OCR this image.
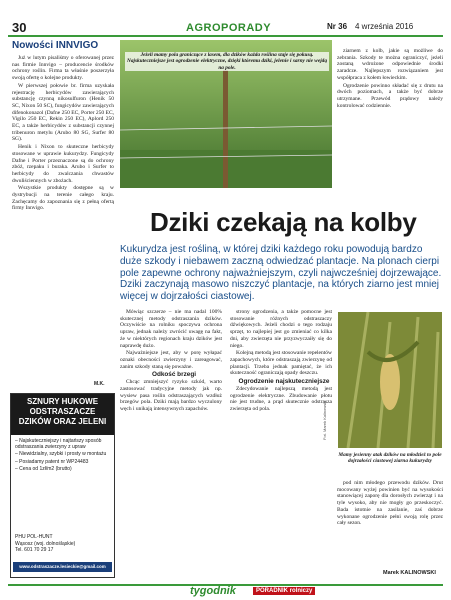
30	AGROPORADY	Nr 36 4 września 2016
Nowości INNVIGO

Już w lutym pisaliśmy o oferowanej przez nas firmie Innvigo – producencie środków ochrony roślin. Firma ta właśnie poszerzyła swoją ofertę o kolejne produkty.

W pierwszej połowie br. firma uzyskała rejestrację herbicydów zawierających substancję czynną nikosulfuron (Henik 50 SC, Nixon 50 SC), fungicydów zawierających difenokonazol (Dafne 250 EC, Porter 250 EC, Vigilo 250 EC, Rekin 250 EC), Aplord 250 EC, a także herbicydów z substancji czynnej tribenuron metylu (Arubo 80 SG, Surfer 80 SG).

Henik i Nixon to skuteczne herbicydy stosowane w uprawie kukurydzy. Fungicydy Dafne i Porter przeznaczone są do ochrony zbóż, rzepaku i buraka. Arubo i Surfer to herbicydy do zwalczania chwastów dwuliściennych w zbożach.

Wszystkie produkty dostępne są w dystrybucji na terenie całego kraju. Zachęcamy do zapoznania się z pełną ofertą firmy Innvigo.

M.K.
SZNURY HUKOWE
ODSTRASZACZE
DZIKÓW ORAZ JELENI
– Najskuteczniejszy i najtańszy sposób odstraszania zwierzyny z upraw
– Niewidzialny, szybki i prosty w montażu
– Posiadamy patent nr WP24483
– Cena od 1zł/m2 (brutto)
PHU POL-HUNT
Wąsosz (woj. dolnośląskie)
Tel. 601 70 29 17
www.odstraszacze.lesieckie@gmail.com
Jeżeli mamy pola graniczące z lasem, dla dzików każda roślina staje się pokusą. Najskuteczniejsze jest ogrodzenie elektryczne, dzięki któremu dziki, jelenie i sarny nie wejdą na pole.

ziarnem z kolb, jakie są możliwe do zebrania. Szkody te można ograniczyć, jeżeli zostaną wdrożone odpowiednie środki zaradcze. Najlepszym rozwiązaniem jest współpraca z kołem łowieckim.

Ogrodzenie powinno składać się z drutu na dwóch poziomach, a także być dobrze utrzymane. Przewód prądowy należy kontrolować codziennie.

Dziki czekają na kolby
Kukurydza jest rośliną, w której dziki każdego roku powodują bardzo duże szkody i niebawem zaczną odwiedzać plantacje. Na plonach cierpi pole zapewne ochrony najważniejszym, czyli najwcześniej dojrzewające. Dziki zaczynają masowo niszczyć plantacje, na których ziarno jest mniej więcej w dojrzałości ciastowej.

Mówiąc szczerze – nie ma nadal 100% skutecznej metody odstraszania dzików. Oczywiście na rolniku spoczywa ochrona upraw, jednak należy zwrócić uwagę na fakt, że w niektórych regionach kraju dzików jest naprawdę dużo.

Najważniejsze jest, aby w porę wyłapać oznaki obecności zwierzyny i zareagować, zanim szkody staną się poważne.

Odkość brzegi

Chcąc zmniejszyć ryzyko szkód, warto zastosować tradycyjne metody jak np. wysiew pasa roślin odstraszających wzdłuż brzegów pola. Dziki mają bardzo wyczulony węch i unikają intensywnych zapachów.

strony ogrodzenia, a także pomocne jest stosowanie różnych odstraszaczy dźwiękowych. Jeżeli chodzi o tego rodzaju sprzęt, to najlepiej jest go zmieniać co kilka dni, aby zwierzęta nie przyzwyczaiły się do niego.

Kolejną metodą jest stosowanie repelentów zapachowych, które odstraszają zwierzynę od plantacji. Trzeba jednak pamiętać, że ich skuteczność ograniczają opady deszczu.

Ogrodzenie najskuteczniejsze

Zdecydowanie najlepszą metodą jest ogrodzenie elektryczne. Zbudowanie płotu nie jest trudne, a prąd skutecznie odstrasza zwierzęta od pola.	Fot. Marek Kalinowski
Mamy jesienny atak dzików na młodzież to pole dojrzałości ciastowej ziarna kukurydzy

pod nim młodego przewodu dzików. Drut mocowany wyżej powinien być na wysokości stanowiącej zaporę dla dorosłych zwierząt i na tyle wysoko, aby nie mogły go przeskoczyć. Bada istotnie na zasilanie, zaś dobrze wykonane ogrodzenie pełni swoją rolę przez cały sezon.

Marek KALINOWSKI
tygodnik	PORADNIK rolniczy
